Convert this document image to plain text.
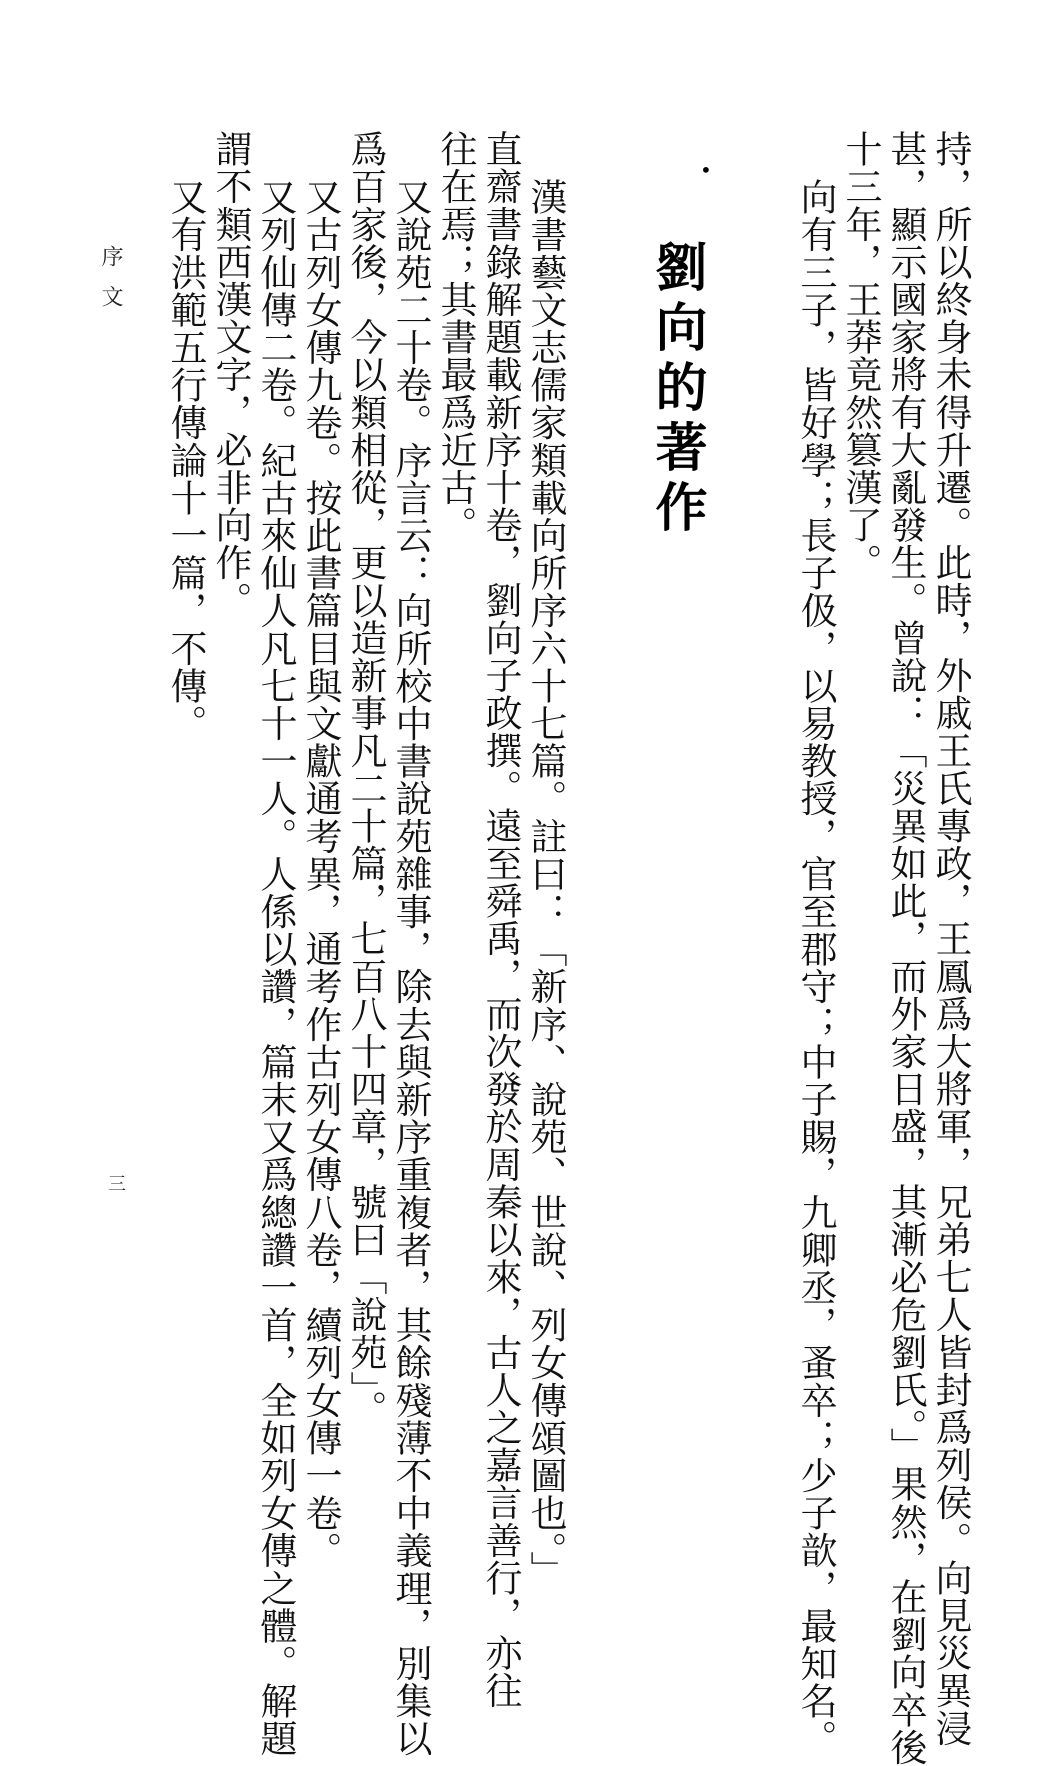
持，所以終身未得升遷。此時，外戚王氏專政，王鳳爲大將軍，兄弟七人皆封爲列侯。向見災異浸
甚，顯示國家將有大亂發生。曾說：「災異如此，而外家日盛，其漸必危劉氏。」果然，在劉向卒後
十三年，王莽竟然篡漢了。
向有三子，皆好學；長子伋，以易教授，官至郡守；中子賜，九卿丞，蚤卒；少子歆，最知名。
•
劉向的著作
漢書藝文志儒家類載向所序六十七篇。註曰：「新序、說苑、世說、列女傳頌圖也。」
直齋書錄解題載新序十卷，劉向子政撰。遠至舜禹，而次發於周秦以來，古人之嘉言善行，亦往
往在焉；其書最爲近古。
又說苑二十卷。序言云：向所校中書說苑雜事，除去與新序重複者，其餘殘薄不中義理，別集以
爲百家後，今以類相從，更以造新事凡二十篇，七百八十四章，號曰「說苑」。
又古列女傳九卷。按此書篇目與文獻通考異，通考作古列女傳八卷，續列女傳一卷。
又列仙傳二卷。紀古來仙人凡七十一人。人係以讚，篇末又爲總讚一首，全如列女傳之體。解題
謂不類西漢文字，必非向作。
又有洪範五行傳論十一篇，不傳。
序文
三
